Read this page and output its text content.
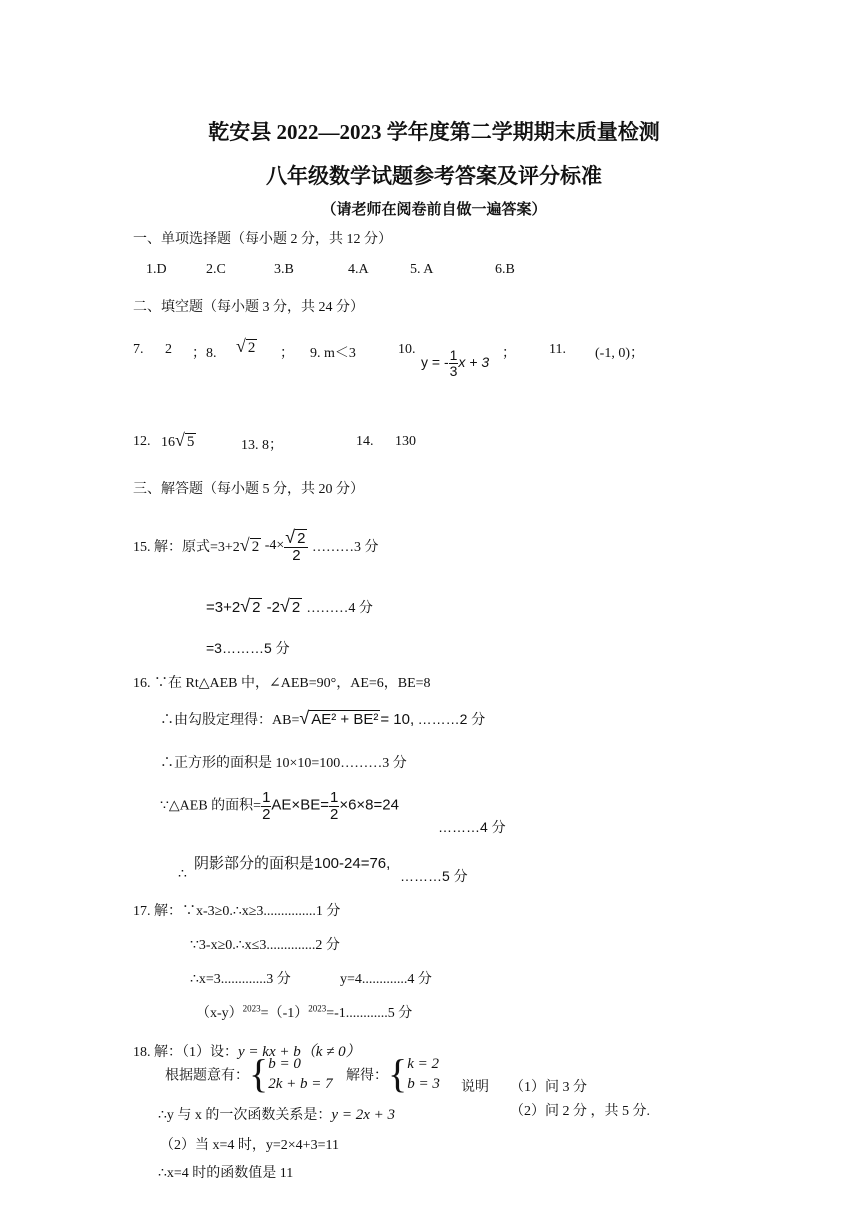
乾安县 2022—2023 学年度第二学期期末质量检测
八年级数学试题参考答案及评分标准
（请老师在阅卷前自做一遍答案）
一、单项选择题（每小题 2 分，共 12 分）
1.D	2.C	3.B	4.A	5. A	6.B
二、填空题（每小题 3 分，共 24 分）
7. 2 ；8. √ 2 ； 9. m＜3	10.
y = - $\frac{1}{3}$ x + 3
； 11. (-1, 0)；
12. 16√ 5	13. 8；	14. 130
三、解答题（每小题 5 分，共 20 分）
15. 解：原式=3+2√ 2 $-4\times \frac{√ 2}{2}$ ………3 分
=3+2√ 2 -2√ 2 ………4 分
=3………5 分
16. ∵在 Rt△AEB 中，∠AEB=90°，AE=6，BE=8
∴由勾股定理得：AB=√ AE² + BE² = 10, ………2 分
∴正方形的面积是 10×10=100………3 分
∵△AEB 的面积= $\frac{1}{2} AE\times BE= \frac{1}{2} \times 6\times 8=24$
………4 分
∴
阴影部分的面积是100-24=76,
………5 分
17. 解：∵x-3≥0.∴x≥3...............1 分
∵3-x≥0.∴x≤3..............2 分
∴x=3.............3 分	y=4.............4 分
$(x-y)^{2023}=(-1)^{2023}=-1............5$ 分
18. 解：（1）设：y = kx + b（k ≠ 0）
根据题意有：{ b = 0
2k + b = 7
解得：{ k = 2
b = 3 说明 （1）问 3 分
（2）问 2 分 ，共 5 分.
∴y 与 x 的一次函数关系是：y = 2x + 3
（2）当 x=4 时，y=2×4+3=11
∴x=4 时的函数值是 11
